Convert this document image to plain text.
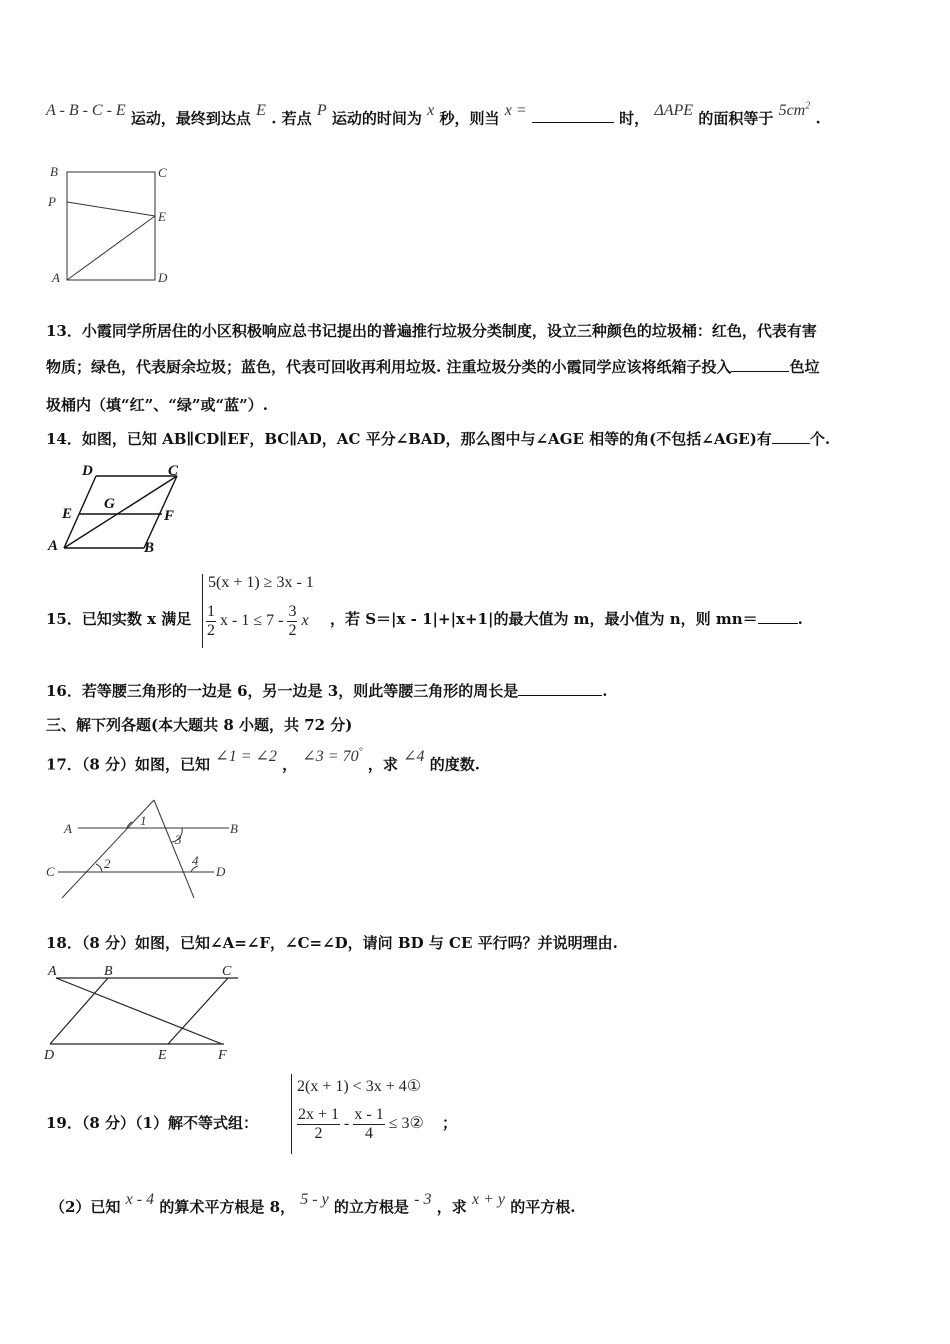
A - B - C - E 运动，最终到达点 E . 若点 P 运动的时间为 x 秒，则当 x =	时， ΔAPE 的面积等于 $5cm^2$ .
B	C
P
E
A	D
13．小霞同学所居住的小区积极响应总书记提出的普遍推行垃圾分类制度，设立三种颜色的垃圾桶：红色，代表有害
物质；绿色，代表厨余垃圾；蓝色，代表可回收再利用垃圾. 注重垃圾分类的小霞同学应该将纸箱子投入	色垃
圾桶内（填“红”、“绿”或“蓝”）.
14．如图，已知 AB∥CD∥EF，BC∥AD，AC 平分∠BAD，那么图中与∠AGE 相等的角(不包括∠AGE)有	个.
D	C
E
G
F
A	B
15．已知实数 x 满足
5(x + 1) ≥ 3x - 1
$\frac{1}{2}$ $x - 1 \le 7 - \frac{3}{2}$ x ，若 S＝|x - 1|+|x+1|的最大值为 m，最小值为 n，则 mn＝	.
16．若等腰三角形的一边是 6，另一边是 3，则此等腰三角形的周长是	.
三、解下列各题(本大题共 8 小题，共 72 分)
17．（8 分）如图，已知 ∠1 = ∠2 ， ∠3 = 70° ，求 ∠4 的度数.
A	B
C	D
1
2
3
4
18．（8 分）如图，已知∠A=∠F，∠C=∠D，请问 BD 与 CE 平行吗？并说明理由.
A	B	C
D	E	F
19．（8 分）（1）解不等式组：
2(x + 1) < 3x + 4①
$\frac{2x + 1}{2} - \frac{x - 1}{4}$ ≤ 3② ；
（2）已知 x - 4 的算术平方根是 8， 5 - y 的立方根是 - 3 ，求 x + y 的平方根.
